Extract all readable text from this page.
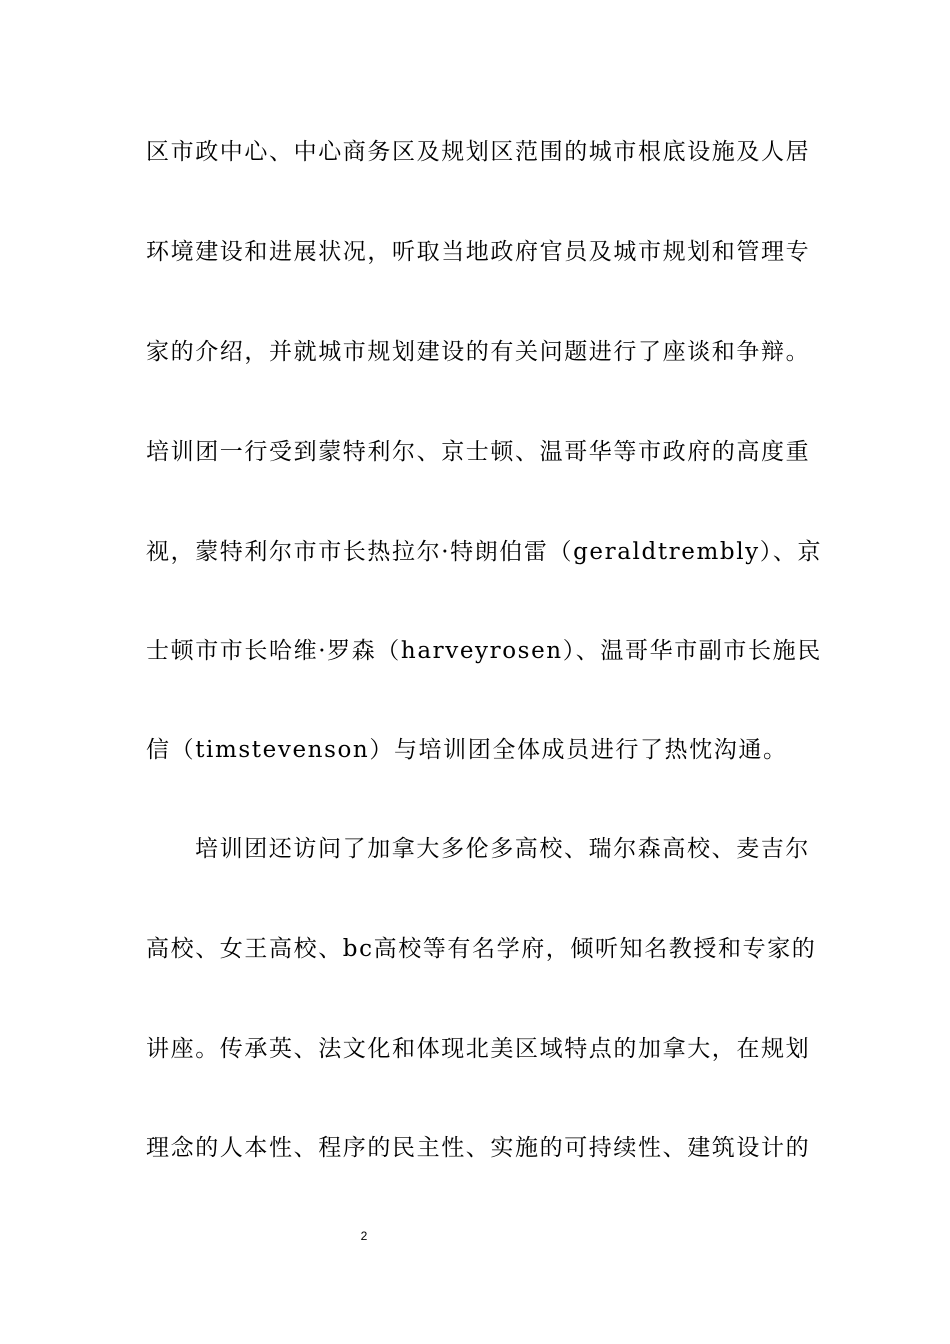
区市政中心、中心商务区及规划区范围的城市根底设施及人居
环境建设和进展状况，听取当地政府官员及城市规划和管理专
家的介绍，并就城市规划建设的有关问题进行了座谈和争辩。
培训团一行受到蒙特利尔、京士顿、温哥华等市政府的高度重
视，蒙特利尔市市长热拉尔·特朗伯雷（geraldtrembly）、京
士顿市市长哈维·罗森（harveyrosen）、温哥华市副市长施民
信（timstevenson）与培训团全体成员进行了热忱沟通。
培训团还访问了加拿大多伦多高校、瑞尔森高校、麦吉尔
高校、女王高校、bc高校等有名学府，倾听知名教授和专家的
讲座。传承英、法文化和体现北美区域特点的加拿大，在规划
理念的人本性、程序的民主性、实施的可持续性、建筑设计的
2
